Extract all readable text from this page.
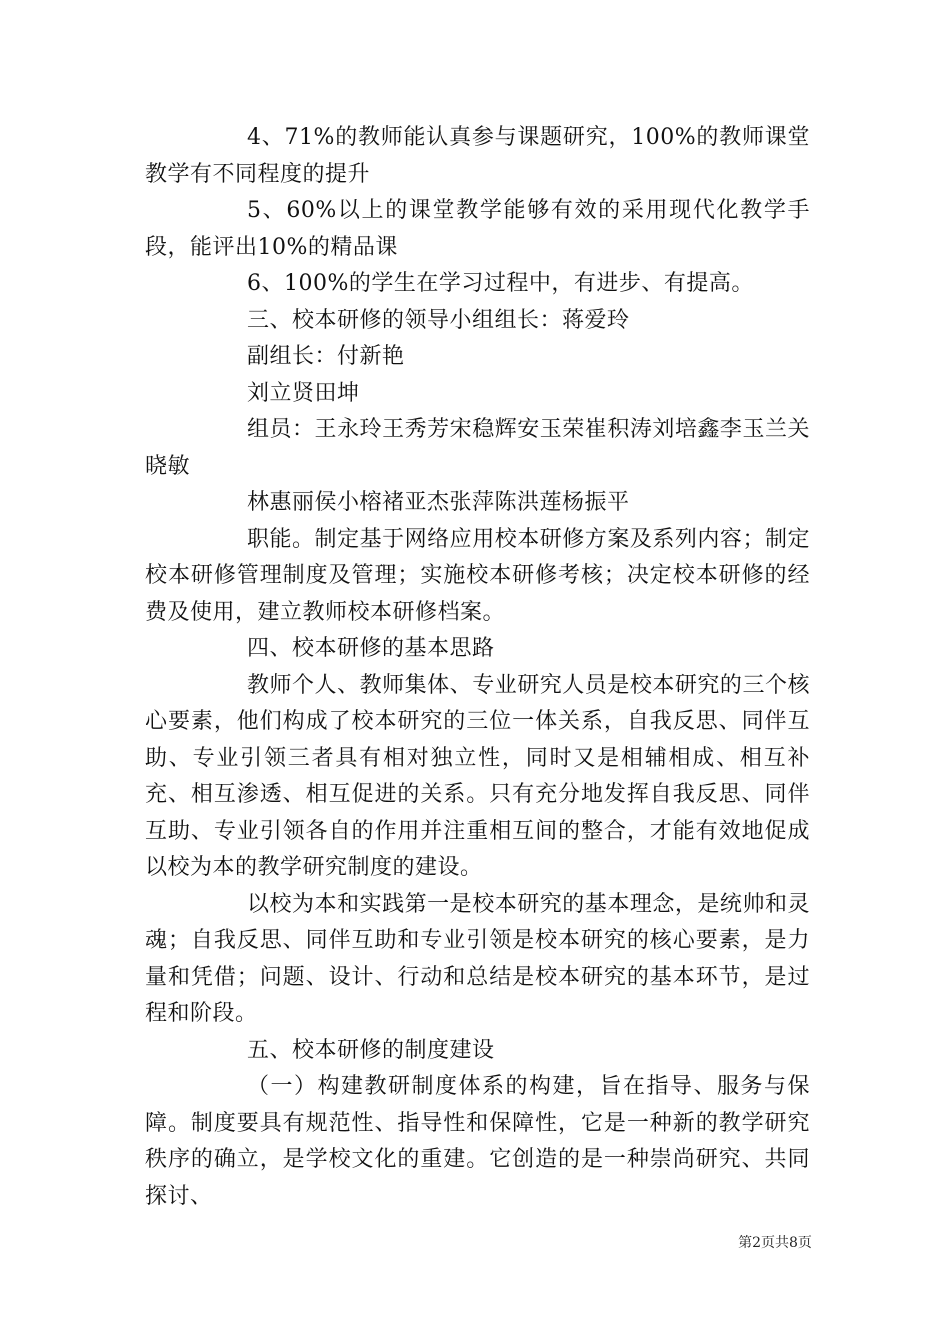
4、71%的教师能认真参与课题研究，100%的教师课堂教学有不同程度的提升

5、60%以上的课堂教学能够有效的采用现代化教学手段，能评出10%的精品课

6、100%的学生在学习过程中，有进步、有提高。

三、校本研修的领导小组组长：蒋爱玲

副组长：付新艳

刘立贤田坤

组员：王永玲王秀芳宋稳辉安玉荣崔积涛刘培鑫李玉兰关晓敏

林惠丽侯小榕褚亚杰张萍陈洪莲杨振平

职能。制定基于网络应用校本研修方案及系列内容；制定校本研修管理制度及管理；实施校本研修考核；决定校本研修的经费及使用，建立教师校本研修档案。

四、校本研修的基本思路

教师个人、教师集体、专业研究人员是校本研究的三个核心要素，他们构成了校本研究的三位一体关系，自我反思、同伴互助、专业引领三者具有相对独立性，同时又是相辅相成、相互补充、相互渗透、相互促进的关系。只有充分地发挥自我反思、同伴互助、专业引领各自的作用并注重相互间的整合，才能有效地促成以校为本的教学研究制度的建设。

以校为本和实践第一是校本研究的基本理念，是统帅和灵魂；自我反思、同伴互助和专业引领是校本研究的核心要素，是力量和凭借；问题、设计、行动和总结是校本研究的基本环节，是过程和阶段。

五、校本研修的制度建设

（一）构建教研制度体系的构建，旨在指导、服务与保障。制度要具有规范性、指导性和保障性，它是一种新的教学研究秩序的确立，是学校文化的重建。它创造的是一种崇尚研究、共同探讨、

第2页共8页
